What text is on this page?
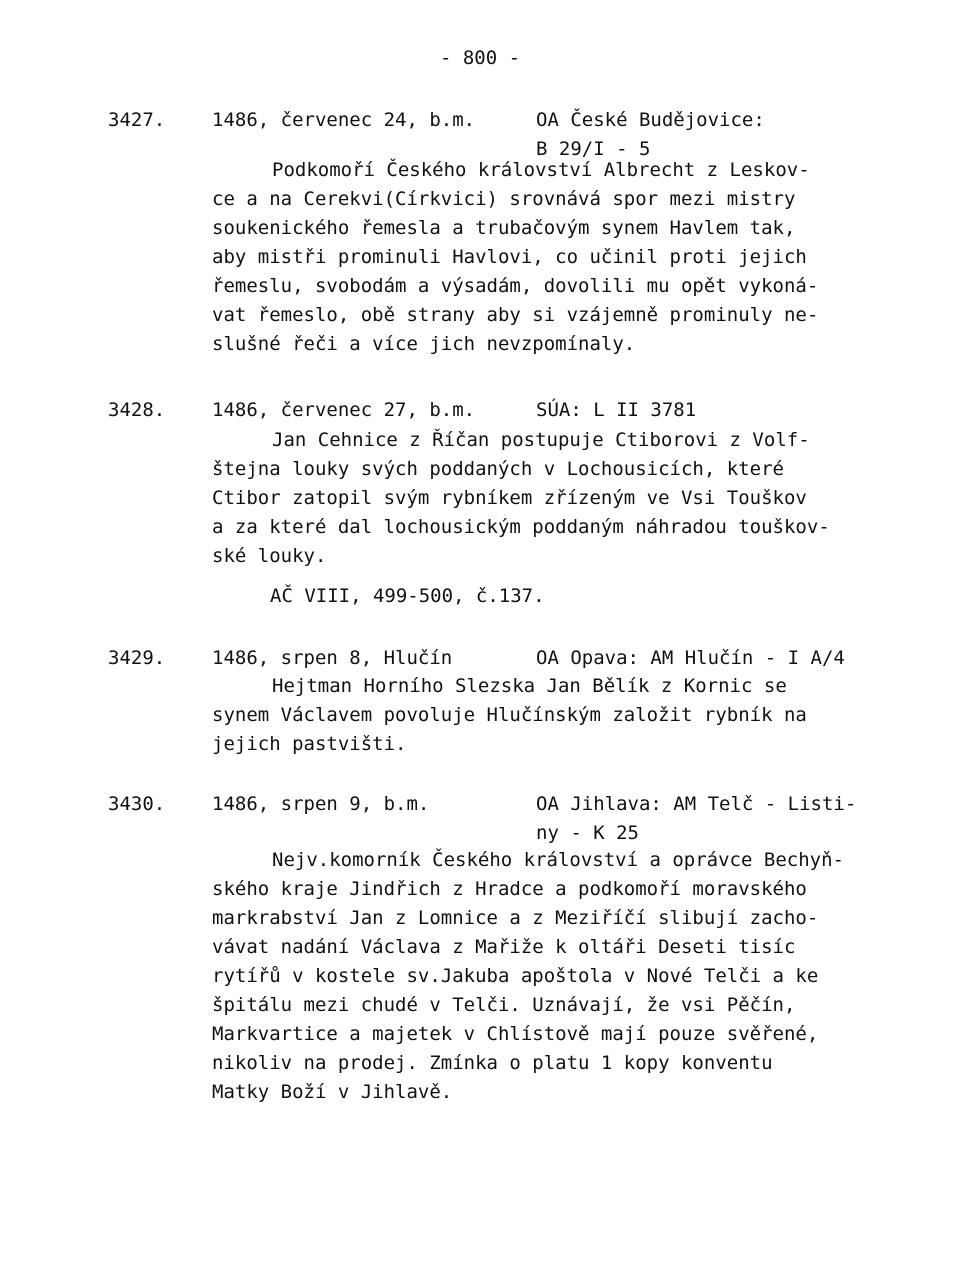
- 800 -
3427. 1486, červenec 24, b.m.	OA České Budějovice:
B 29/I - 5
Podkomoří Českého království Albrecht z Leskov-
ce a na Cerekvi(Církvici) srovnává spor mezi mistry
soukenického řemesla a trubačovým synem Havlem tak,
aby mistři prominuli Havlovi, co učinil proti jejich
řemeslu, svobodám a výsadám, dovolili mu opět vykoná-
vat řemeslo, obě strany aby si vzájemně prominuly ne-
slušné řeči a více jich nevzpomínaly.
3428. 1486, červenec 27, b.m.	SÚA: L II 3781
Jan Cehnice z Říčan postupuje Ctiborovi z Volf-
štejna louky svých poddaných v Lochousicích, které
Ctibor zatopil svým rybníkem zřízeným ve Vsi Touškov
a za které dal lochousickým poddaným náhradou touškov-
ské louky.
AČ VIII, 499-500, č.137.
3429. 1486, srpen 8, Hlučín	OA Opava: AM Hlučín - I A/4
Hejtman Horního Slezska Jan Bělík z Kornic se
synem Václavem povoluje Hlučínským založit rybník na
jejich pastvišti.
3430. 1486, srpen 9, b.m.	OA Jihlava: AM Telč - Listi-
ny - K 25
Nejv.komorník Českého království a oprávce Bechyň-
ského kraje Jindřich z Hradce a podkomoří moravského
markrabství Jan z Lomnice a z Meziříčí slibují zacho-
vávat nadání Václava z Mařiže k oltáři Deseti tisíc
rytířů v kostele sv.Jakuba apoštola v Nové Telči a ke
špitálu mezi chudé v Telči. Uznávají, že vsi Pěčín,
Markvartice a majetek v Chlístově mají pouze svěřené,
nikoliv na prodej. Zmínka o platu 1 kopy konventu
Matky Boží v Jihlavě.
